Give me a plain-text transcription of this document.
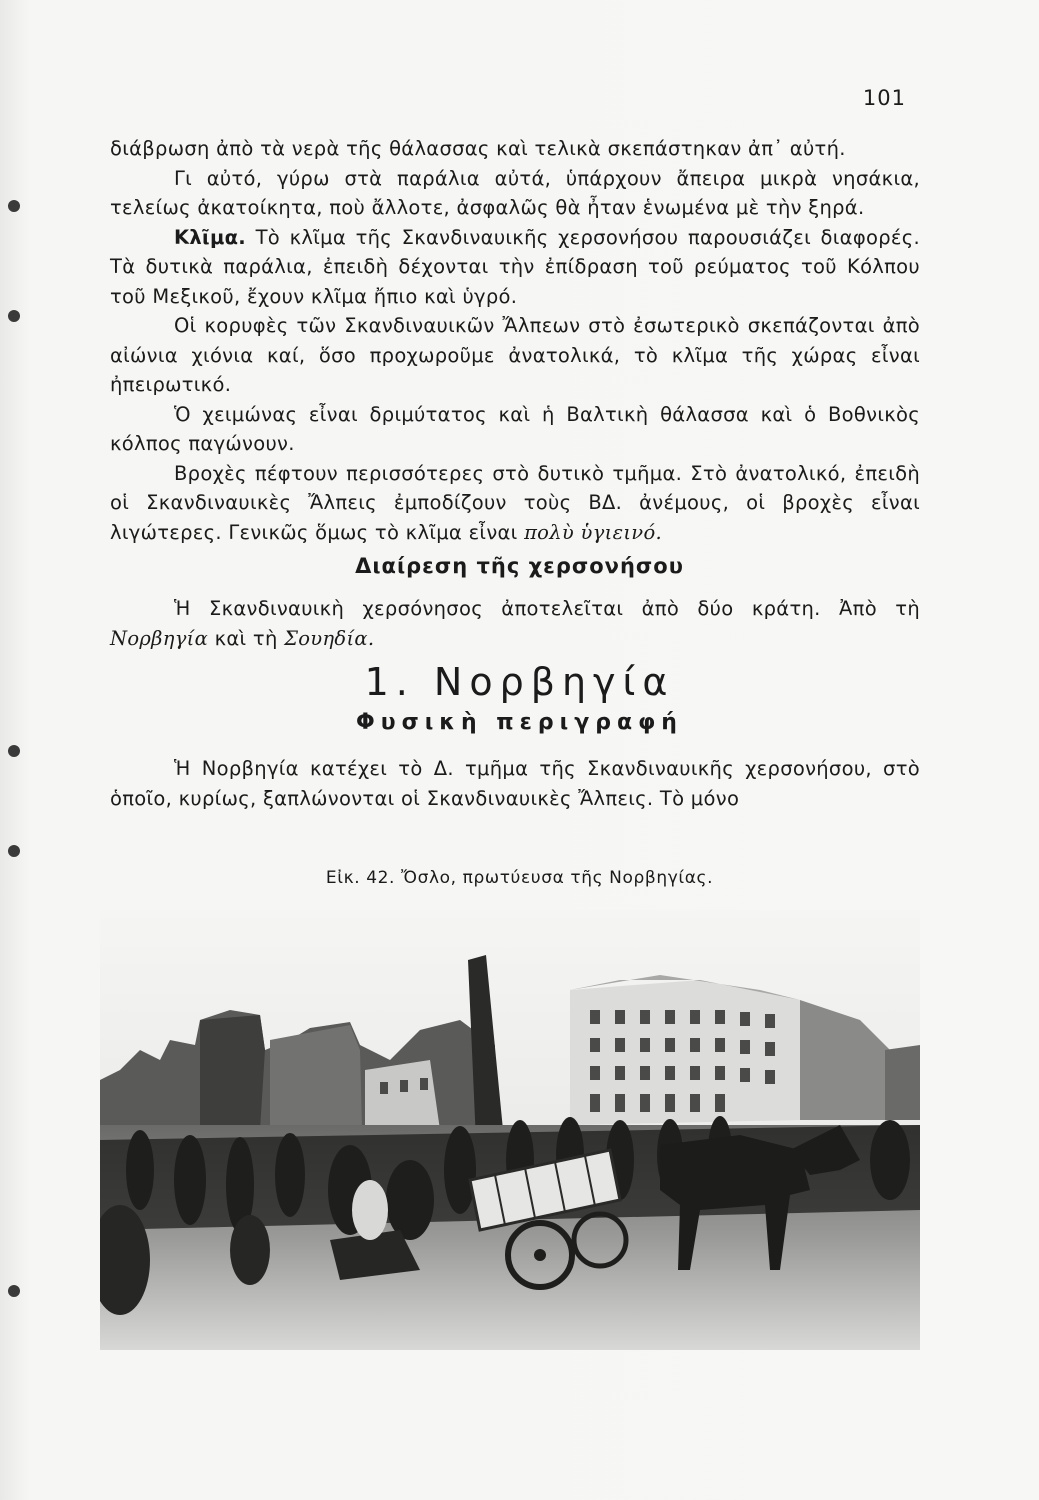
101

διάβρωση ἀπὸ τὰ νερὰ τῆς θάλασσας καὶ τελικὰ σκεπάστηκαν ἀπ᾽ αὐτή.

Γι αὐτό, γύρω στὰ παράλια αὐτά, ὑπάρχουν ἄπειρα μικρὰ νησάκια, τελείως ἀκατοίκητα, ποὺ ἄλλοτε, ἀσφαλῶς θὰ ἦταν ἑνωμένα μὲ τὴν ξηρά.

Κλῖμα. Τὸ κλῖμα τῆς Σκανδιναυικῆς χερσονήσου παρουσιάζει διαφορές. Τὰ δυτικὰ παράλια, ἐπειδὴ δέχονται τὴν ἐπίδραση τοῦ ρεύματος τοῦ Κόλπου τοῦ Μεξικοῦ, ἔχουν κλῖμα ἤπιο καὶ ὑγρό.

Οἱ κορυφὲς τῶν Σκανδιναυικῶν Ἄλπεων στὸ ἐσωτερικὸ σκεπάζονται ἀπὸ αἰώνια χιόνια καί, ὅσο προχωροῦμε ἀνατολικά, τὸ κλῖμα τῆς χώρας εἶναι ἠπειρωτικό.

Ὁ χειμώνας εἶναι δριμύτατος καὶ ἡ Βαλτικὴ θάλασσα καὶ ὁ Βοθνικὸς κόλπος παγώνουν.

Βροχὲς πέφτουν περισσότερες στὸ δυτικὸ τμῆμα. Στὸ ἀνατολικό, ἐπειδὴ οἱ Σκανδιναυικὲς Ἄλπεις ἐμποδίζουν τοὺς ΒΔ. ἀνέμους, οἱ βροχὲς εἶναι λιγώτερες. Γενικῶς ὅμως τὸ κλῖμα εἶναι πολὺ ὑγιεινό.

Διαίρεση τῆς χερσονήσου

Ἡ Σκανδιναυικὴ χερσόνησος ἀποτελεῖται ἀπὸ δύο κράτη. Ἀπὸ τὴ Νορβηγία καὶ τὴ Σουηδία.

1. Νορβηγία
Φυσικὴ περιγραφή

Ἡ Νορβηγία κατέχει τὸ Δ. τμῆμα τῆς Σκανδιναυικῆς χερσονήσου, στὸ ὁποῖο, κυρίως, ξαπλώνονται οἱ Σκανδιναυικὲς Ἄλπεις. Τὸ μόνο

Εἰκ. 42. Ὄσλο, πρωτύευσα τῆς Νορβηγίας.
